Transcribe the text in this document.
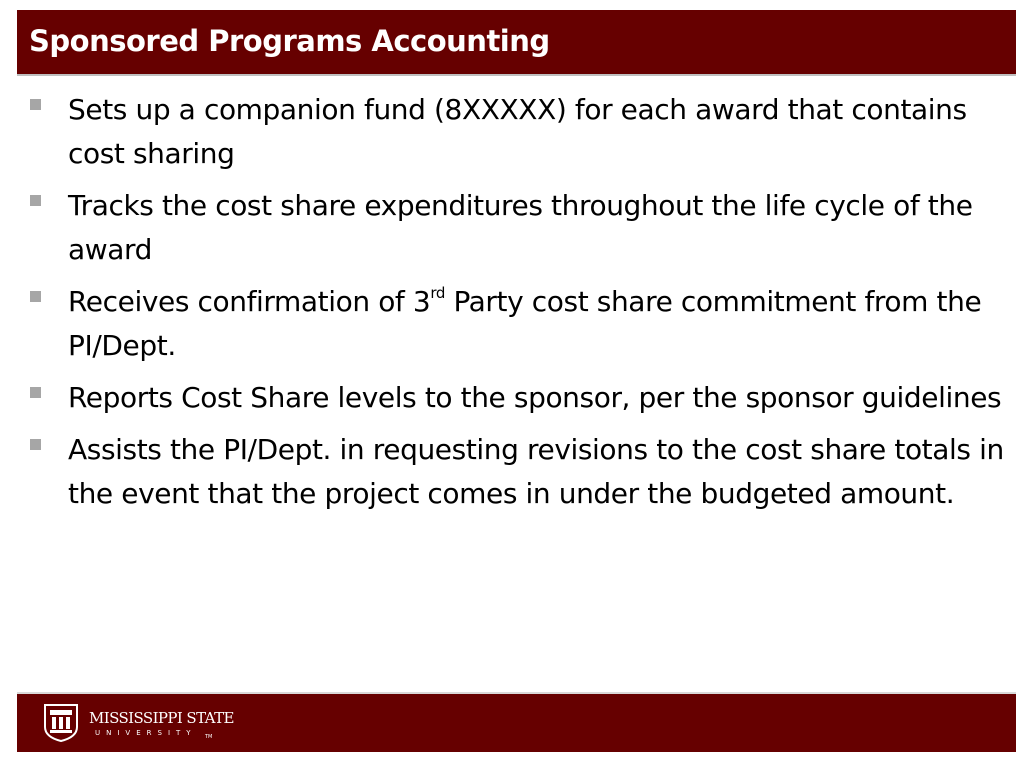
Sponsored Programs Accounting
Sets up a companion fund (8XXXXX) for each award that contains cost sharing
Tracks the cost share expenditures throughout the life cycle of the award
Receives confirmation of 3rd Party cost share commitment from the PI/Dept.
Reports Cost Share levels to the sponsor, per the sponsor guidelines
Assists the PI/Dept. in requesting revisions to the cost share totals in the event that the project comes in under the budgeted amount.
MISSISSIPPI STATE
UNIVERSITY TM
